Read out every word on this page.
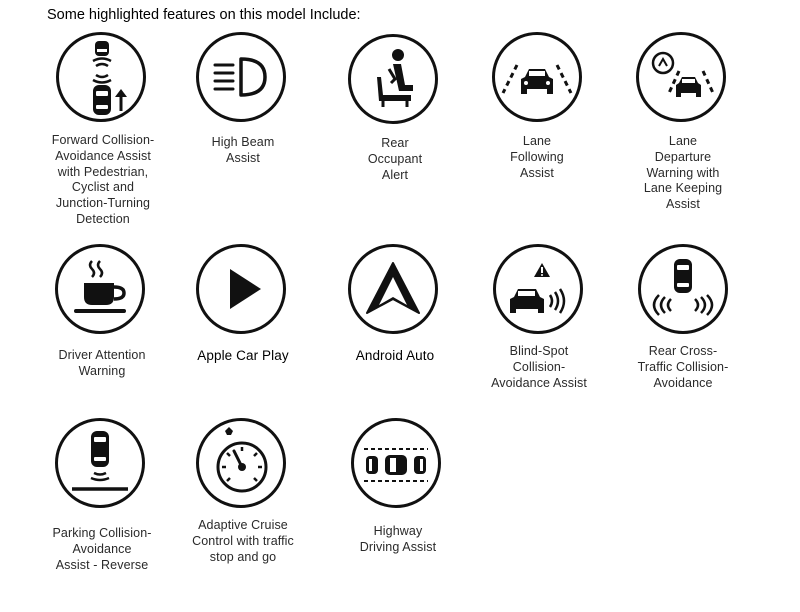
Some highlighted features on this model Include:
Forward Collision-
Avoidance Assist
with Pedestrian,
Cyclist and
Junction-Turning
Detection
High Beam
Assist
Rear
Occupant
Alert
Lane
Following
Assist
Lane
Departure
Warning with
Lane Keeping
Assist
Driver Attention
Warning
Apple Car Play	Android Auto	Blind-Spot
Collision-
Avoidance Assist
Rear Cross-
Traffic Collision-
Avoidance
Parking Collision-
Avoidance
Assist - Reverse
Adaptive Cruise
Control with traffic
stop and go
Highway
Driving Assist
